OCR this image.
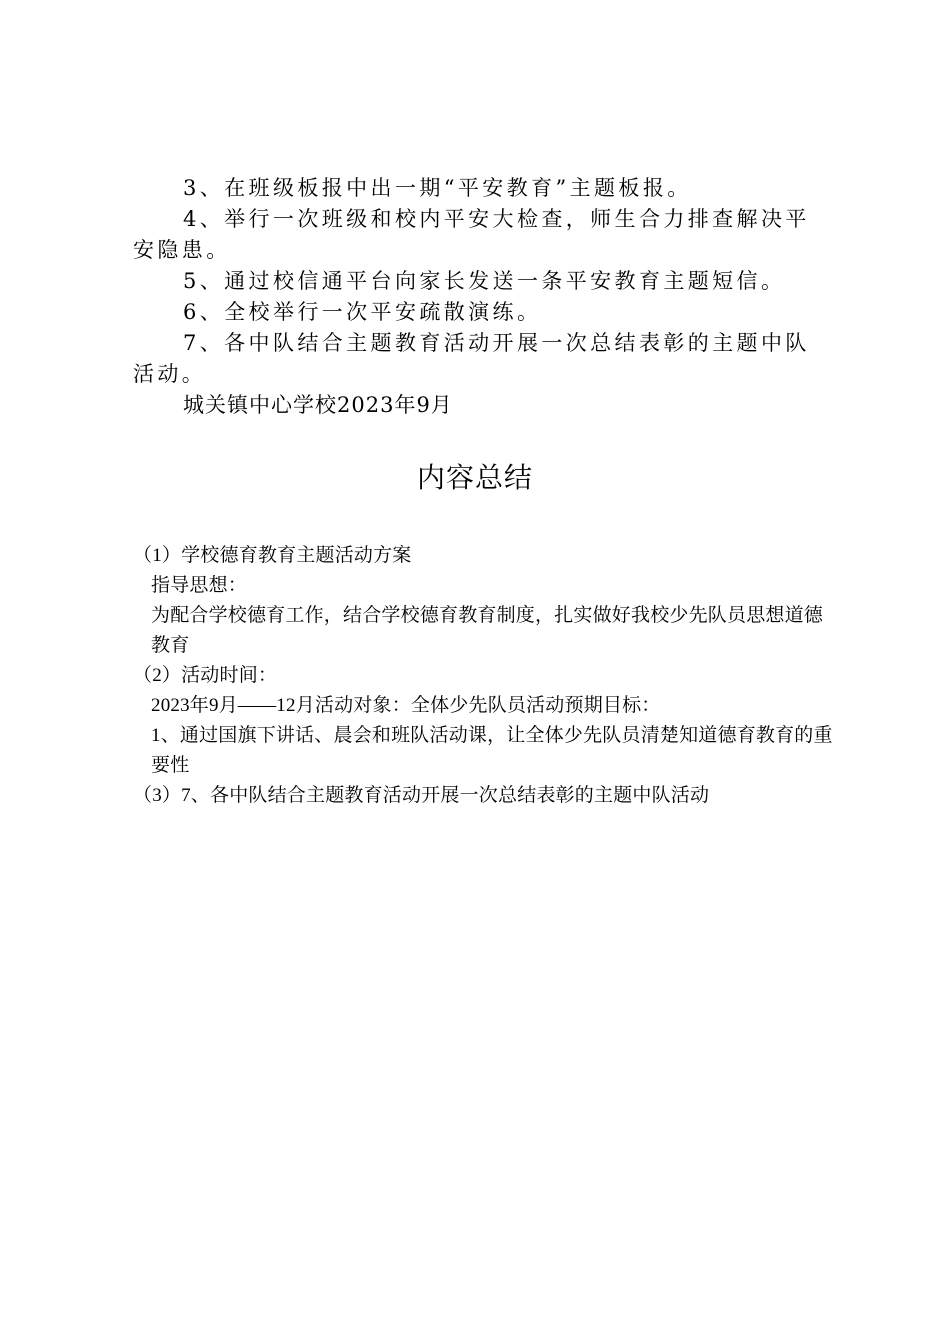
3、在班级板报中出一期“平安教育”主题板报。

4、举行一次班级和校内平安大检查，师生合力排查解决平安隐患。

5、通过校信通平台向家长发送一条平安教育主题短信。

6、全校举行一次平安疏散演练。

7、各中队结合主题教育活动开展一次总结表彰的主题中队活动。

城关镇中心学校2023年9月

内容总结

（1）学校德育教育主题活动方案

指导思想：

为配合学校德育工作，结合学校德育教育制度，扎实做好我校少先队员思想道德教育

（2）活动时间：

2023年9月——12月活动对象：全体少先队员活动预期目标：

1、通过国旗下讲话、晨会和班队活动课，让全体少先队员清楚知道德育教育的重要性

（3）7、各中队结合主题教育活动开展一次总结表彰的主题中队活动
